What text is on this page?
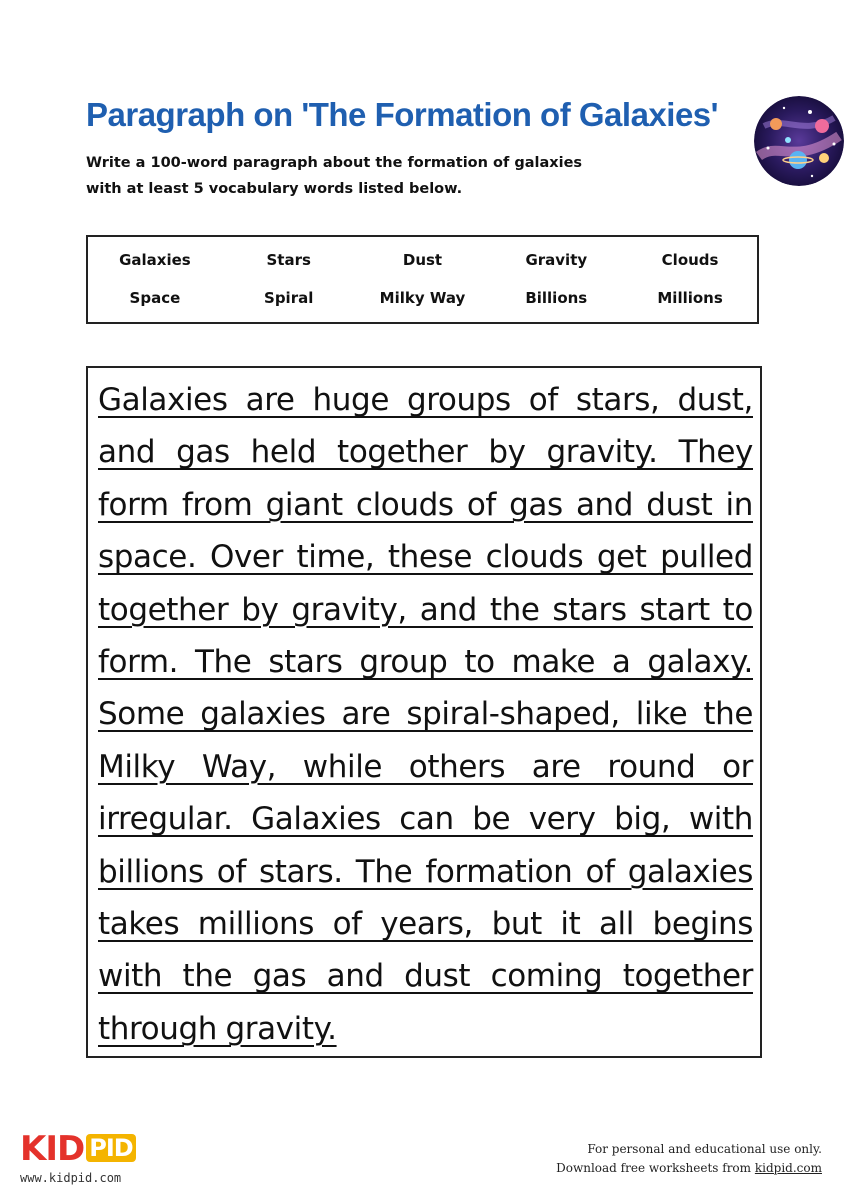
Paragraph on 'The Formation of Galaxies'
Write a 100-word paragraph about the formation of galaxies
with at least 5 vocabulary words listed below.
Galaxies	Stars	Dust	Gravity	Clouds
Space	Spiral	Milky Way	Billions	Millions

Galaxies are huge groups of stars, dust, and gas held together by gravity. They form from giant clouds of gas and dust in space. Over time, these clouds get pulled together by gravity, and the stars start to form. The stars group to make a galaxy. Some galaxies are spiral-shaped, like the Milky Way, while others are round or irregular. Galaxies can be very big, with billions of stars. The formation of galaxies takes millions of years, but it all begins with the gas and dust coming together through gravity.

KID PID
www.kidpid.com
For personal and educational use only.
Download free worksheets from kidpid.com
